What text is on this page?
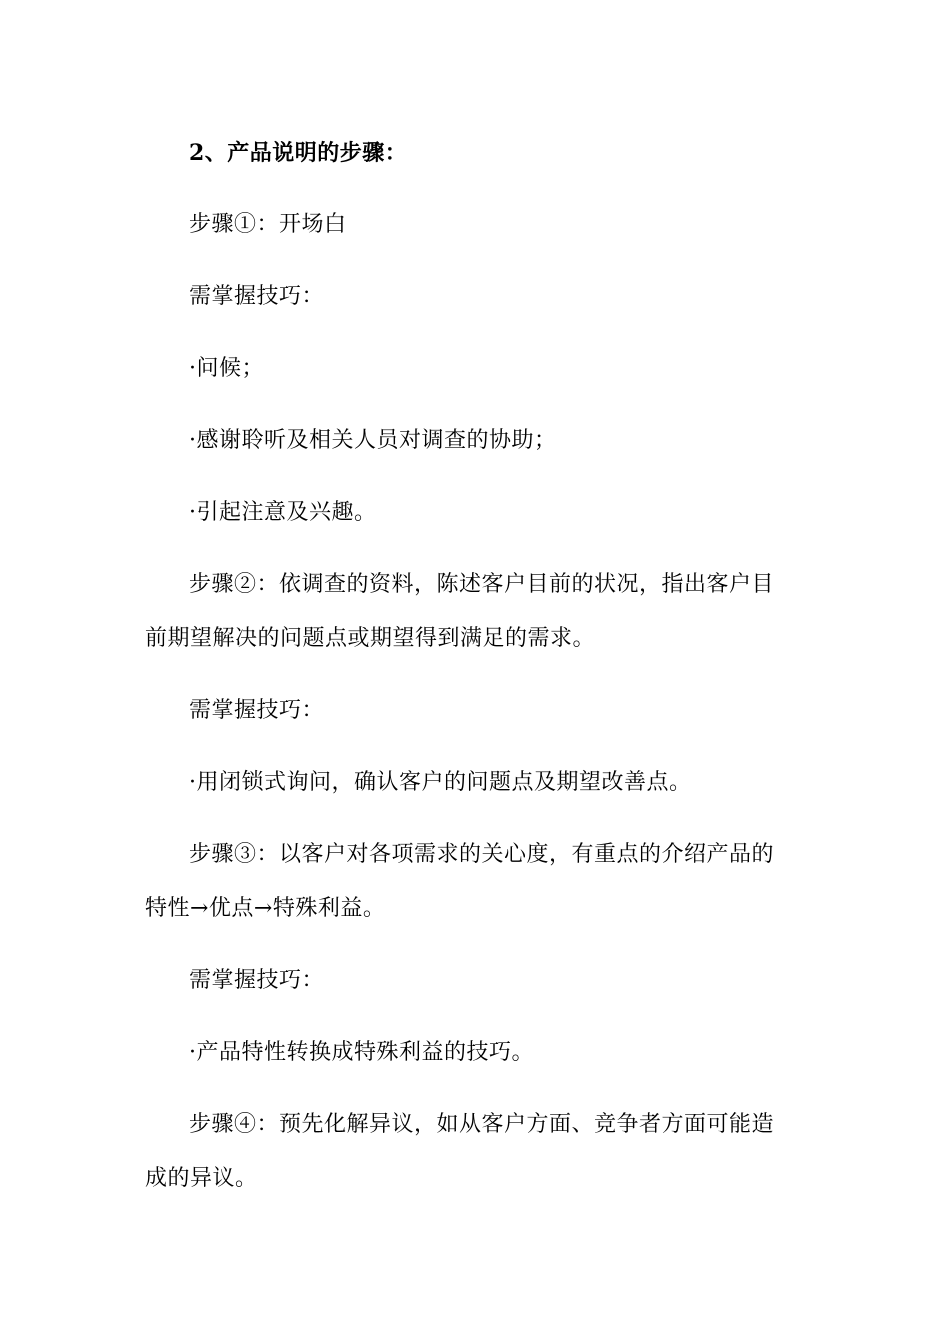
2、产品说明的步骤：

步骤①：开场白

需掌握技巧：

·问候；

·感谢聆听及相关人员对调查的协助；

·引起注意及兴趣。

步骤②：依调查的资料，陈述客户目前的状况，指出客户目前期望解决的问题点或期望得到满足的需求。

需掌握技巧：

·用闭锁式询问，确认客户的问题点及期望改善点。

步骤③：以客户对各项需求的关心度，有重点的介绍产品的特性→优点→特殊利益。

需掌握技巧：

·产品特性转换成特殊利益的技巧。

步骤④：预先化解异议，如从客户方面、竞争者方面可能造成的异议。
